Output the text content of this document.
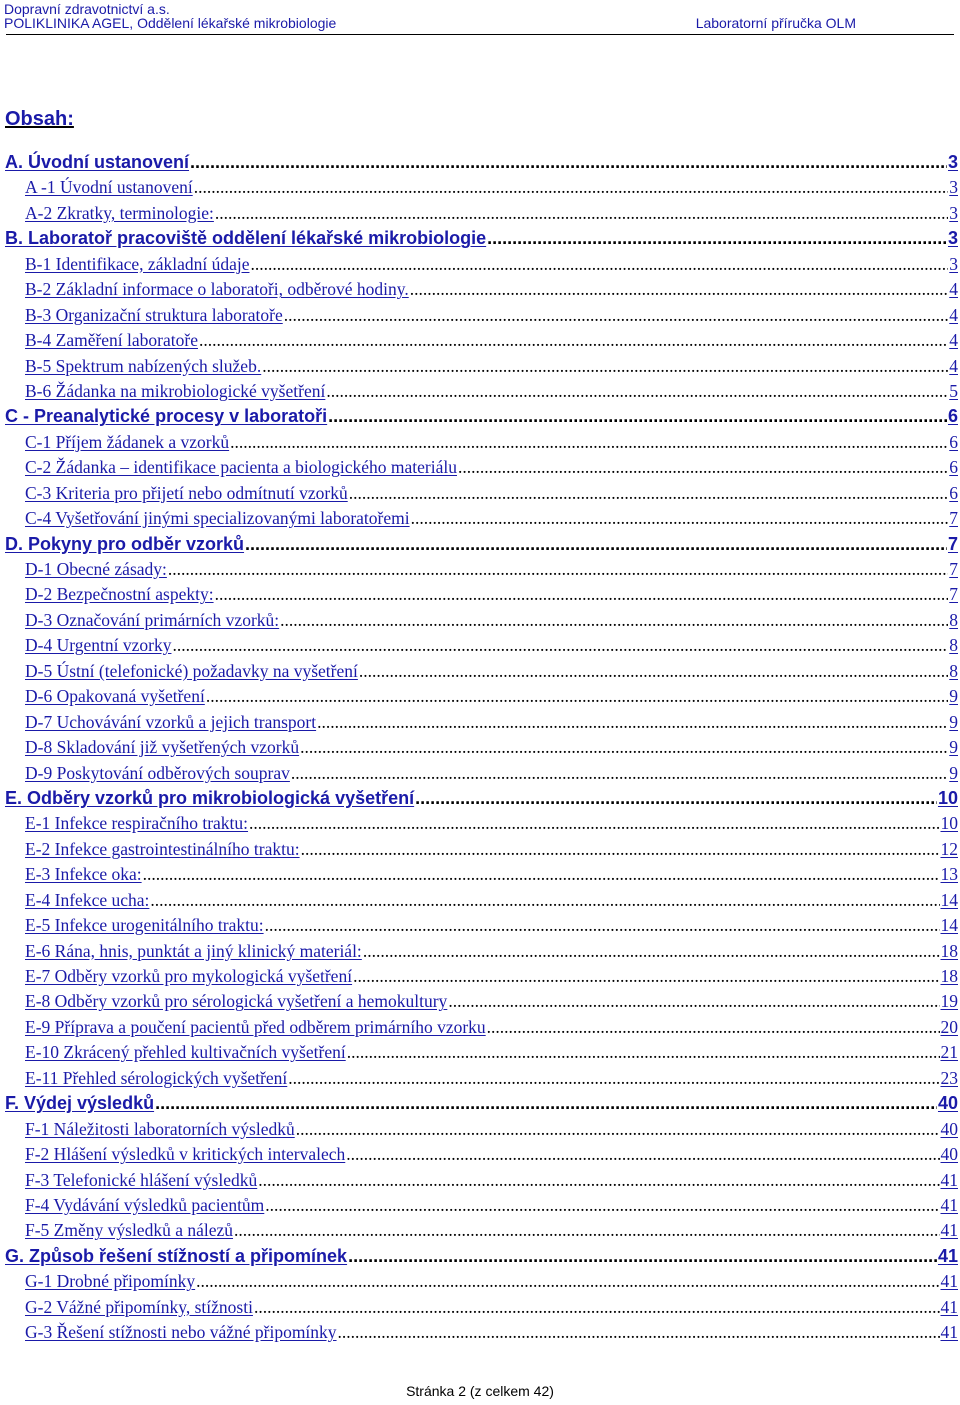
Dopravní zdravotnictví a.s.
POLIKLINIKA AGEL, Oddělení lékařské mikrobiologie	Laboratorní příručka OLM
Obsah:
A. Úvodní ustanovení .....	3
A -1 Úvodní ustanovení .....	3
A-2 Zkratky, terminologie: .....	3
B. Laboratoř pracoviště oddělení lékařské mikrobiologie .....	3
B-1 Identifikace, základní údaje .....	3
B-2 Základní informace o laboratoři, odběrové hodiny. .....	4
B-3 Organizační struktura laboratoře .....	4
B-4 Zaměření laboratoře .....	4
B-5 Spektrum nabízených služeb. .....	4
B-6 Žádanka na mikrobiologické vyšetření .....	5
C - Preanalytické procesy v laboratoři .....	6
C-1 Příjem žádanek a vzorků .....	6
C-2 Žádanka – identifikace pacienta a biologického materiálu .....	6
C-3 Kriteria pro přijetí nebo odmítnutí vzorků .....	6
C-4 Vyšetřování jinými specializovanými laboratořemi .....	7
D. Pokyny pro odběr vzorků .....	7
D-1 Obecné zásady: .....	7
D-2 Bezpečnostní aspekty: .....	7
D-3 Označování primárních vzorků: .....	8
D-4 Urgentní vzorky .....	8
D-5 Ústní (telefonické) požadavky na vyšetření .....	8
D-6 Opakovaná vyšetření .....	9
D-7 Uchovávání vzorků a jejich transport .....	9
D-8 Skladování již vyšetřených vzorků .....	9
D-9 Poskytování odběrových souprav .....	9
E. Odběry vzorků pro mikrobiologická vyšetření .....	10
E-1 Infekce respiračního traktu: .....	10
E-2 Infekce gastrointestinálního traktu: .....	12
E-3 Infekce oka: .....	13
E-4 Infekce ucha: .....	14
E-5 Infekce urogenitálního traktu: .....	14
E-6 Rána, hnis, punktát a jiný klinický materiál: .....	18
E-7 Odběry vzorků pro mykologická vyšetření .....	18
E-8 Odběry vzorků pro sérologická vyšetření a hemokultury .....	19
E-9 Příprava a poučení pacientů před odběrem primárního vzorku .....	20
E-10 Zkrácený přehled kultivačních vyšetření .....	21
E-11 Přehled sérologických vyšetření .....	23
F. Výdej výsledků .....	40
F-1 Náležitosti laboratorních výsledků .....	40
F-2 Hlášení výsledků v kritických intervalech .....	40
F-3 Telefonické hlášení výsledků .....	41
F-4 Vydávání výsledků pacientům .....	41
F-5 Změny výsledků a nálezů .....	41
G. Způsob řešení stížností a připomínek .....	41
G-1 Drobné připomínky .....	41
G-2 Vážné připomínky, stížnosti .....	41
G-3 Řešení stížnosti nebo vážné připomínky .....	41
Stránka 2 (z celkem 42)
